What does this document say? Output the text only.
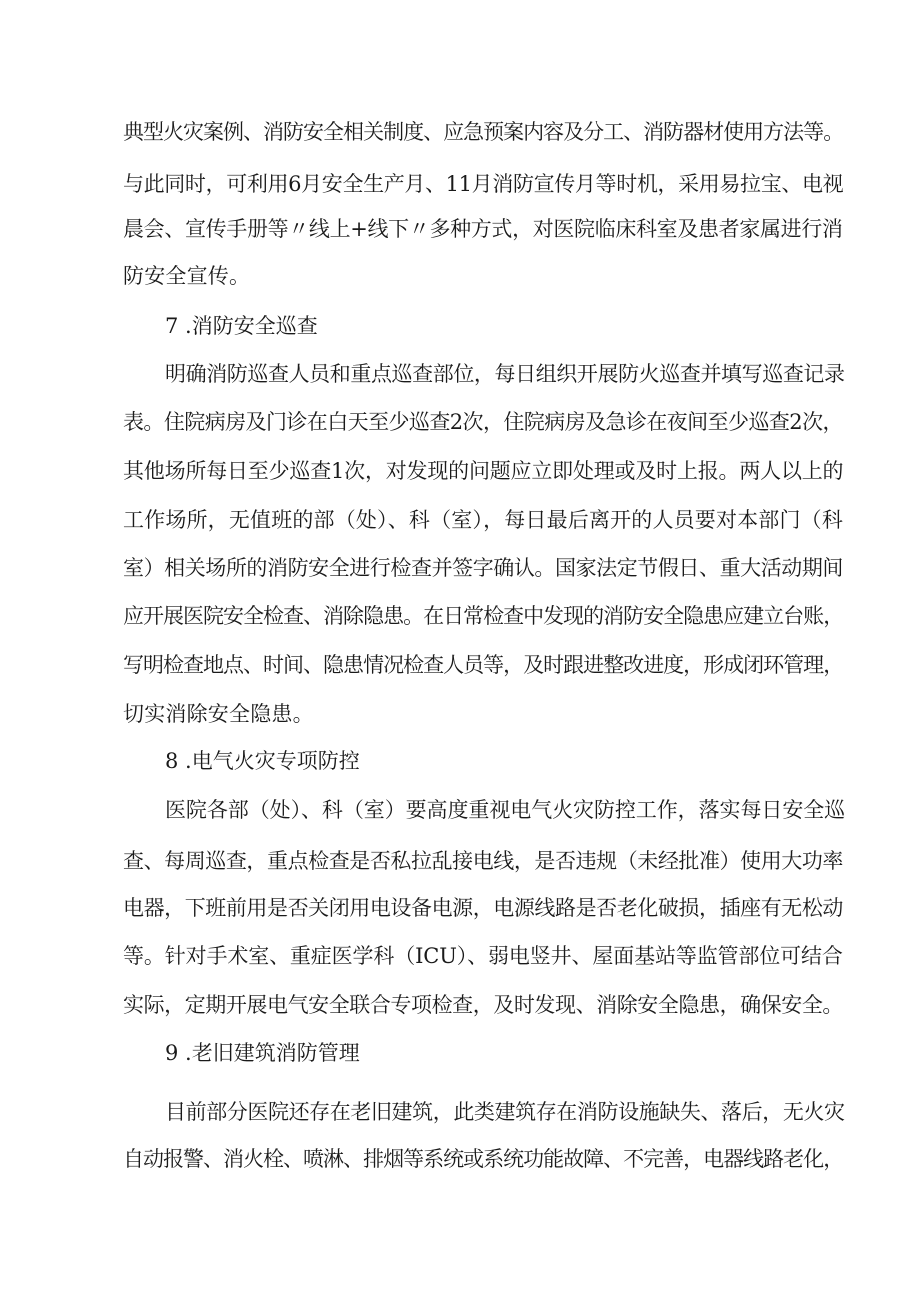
典型火灾案例、消防安全相关制度、应急预案内容及分工、消防器材使用方法等。
与此同时，可利用6月安全生产月、11月消防宣传月等时机，采用易拉宝、电视
晨会、宣传手册等〃线上+线下〃多种方式，对医院临床科室及患者家属进行消
防安全宣传。
7 .消防安全巡查
明确消防巡查人员和重点巡查部位，每日组织开展防火巡查并填写巡查记录
表。住院病房及门诊在白天至少巡查2次，住院病房及急诊在夜间至少巡查2次，
其他场所每日至少巡查1次，对发现的问题应立即处理或及时上报。两人以上的
工作场所，无值班的部（处）、科（室），每日最后离开的人员要对本部门（科
室）相关场所的消防安全进行检查并签字确认。国家法定节假日、重大活动期间
应开展医院安全检查、消除隐患。在日常检查中发现的消防安全隐患应建立台账，
写明检查地点、时间、隐患情况检查人员等，及时跟进整改进度，形成闭环管理，
切实消除安全隐患。
8 .电气火灾专项防控
医院各部（处）、科（室）要高度重视电气火灾防控工作，落实每日安全巡
查、每周巡查，重点检查是否私拉乱接电线，是否违规（未经批准）使用大功率
电器，下班前用是否关闭用电设备电源，电源线路是否老化破损，插座有无松动
等。针对手术室、重症医学科（ICU）、弱电竖井、屋面基站等监管部位可结合
实际，定期开展电气安全联合专项检查，及时发现、消除安全隐患，确保安全。
9 .老旧建筑消防管理
目前部分医院还存在老旧建筑，此类建筑存在消防设施缺失、落后，无火灾
自动报警、消火栓、喷淋、排烟等系统或系统功能故障、不完善，电器线路老化，
